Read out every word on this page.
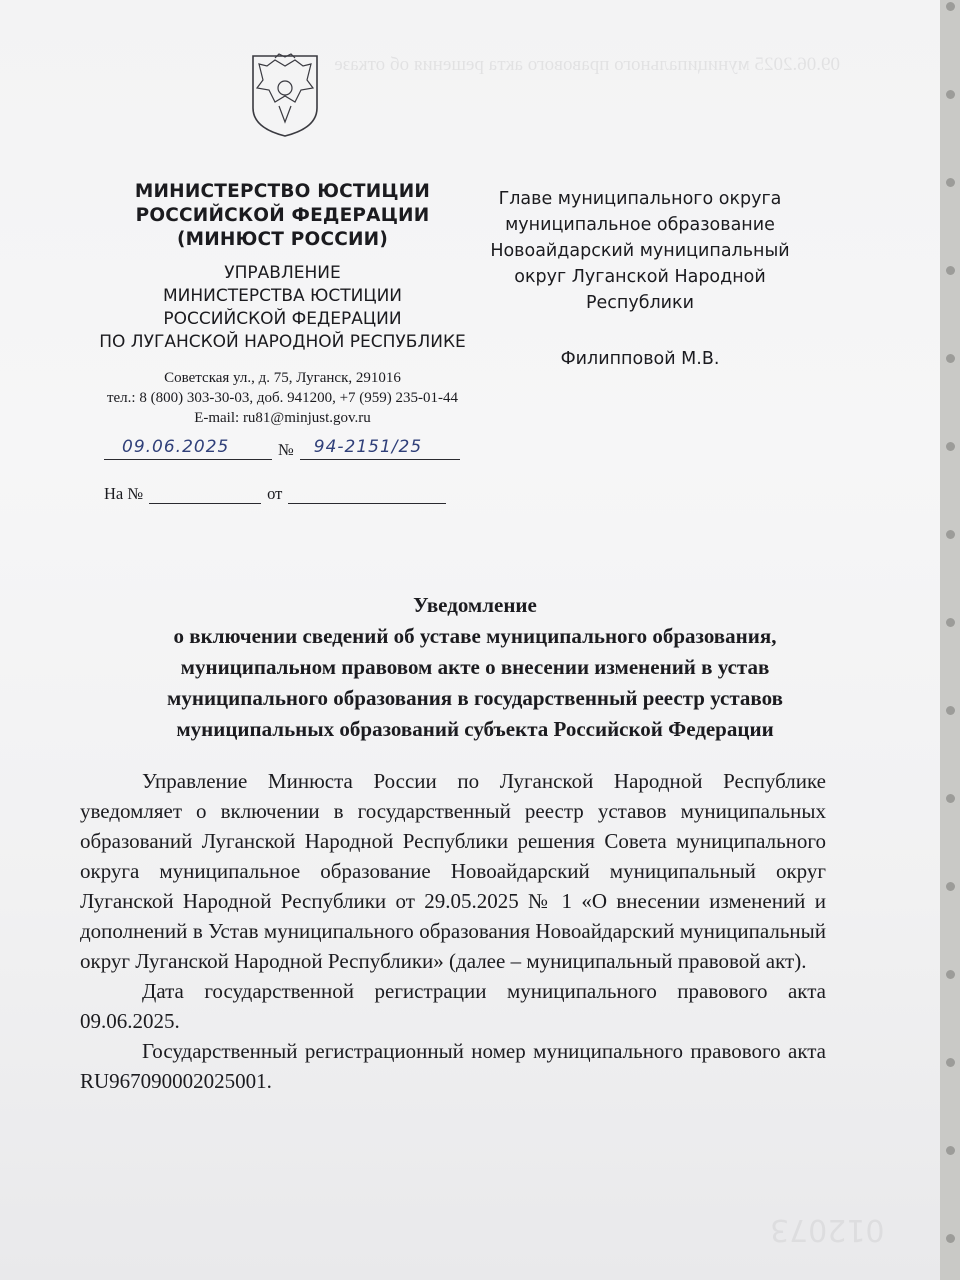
09.06.2025 муниципального правового акта решения об отказе
МИНИСТЕРСТВО ЮСТИЦИИ
РОССИЙСКОЙ ФЕДЕРАЦИИ
(МИНЮСТ РОССИИ)
УПРАВЛЕНИЕ
МИНИСТЕРСТВА ЮСТИЦИИ
РОССИЙСКОЙ ФЕДЕРАЦИИ
ПО ЛУГАНСКОЙ НАРОДНОЙ РЕСПУБЛИКЕ
Советская ул., д. 75, Луганск, 291016
тел.: 8 (800) 303-30-03, доб. 941200, +7 (959) 235-01-44
E-mail: ru81@minjust.gov.ru
09.06.2025	№ 94-2151/25
На №	от
Главе муниципального округа
муниципальное образование
Новоайдарский муниципальный
округ Луганской Народной
Республики
Филипповой М.В.
Уведомление
о включении сведений об уставе муниципального образования,
муниципальном правовом акте о внесении изменений в устав
муниципального образования в государственный реестр уставов
муниципальных образований субъекта Российской Федерации

Управление Минюста России по Луганской Народной Республике уведомляет о включении в государственный реестр уставов муниципальных образований Луганской Народной Республики решения Совета муниципального округа муниципальное образование Новоайдарский муниципальный округ Луганской Народной Республики от 29.05.2025 № 1 «О внесении изменений и дополнений в Устав муниципального образования Новоайдарский муниципальный округ Луганской Народной Республики» (далее – муниципальный правовой акт).

Дата государственной регистрации муниципального правового акта 09.06.2025.

Государственный регистрационный номер муниципального правового акта RU967090002025001.

012073
